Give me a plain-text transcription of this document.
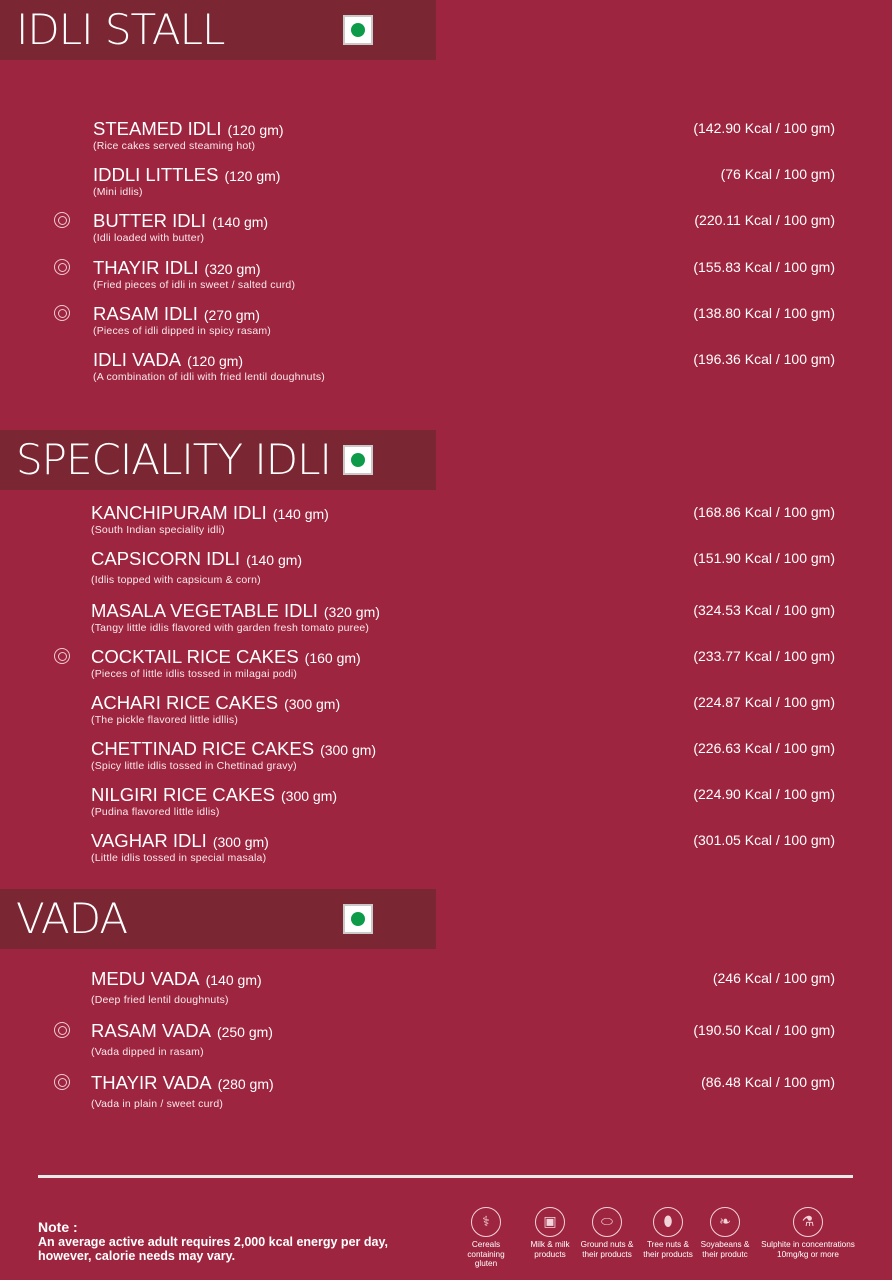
IDLI STALL
STEAMED IDLI (120 gm)
(Rice cakes served steaming hot)
(142.90 Kcal / 100 gm)
IDDLI LITTLES (120 gm)
(Mini idlis)
(76 Kcal / 100 gm)
BUTTER IDLI (140 gm)
(Idli loaded with butter)
(220.11 Kcal / 100 gm)
THAYIR IDLI (320 gm)
(Fried pieces of idli in sweet / salted curd)
(155.83 Kcal / 100 gm)
RASAM IDLI (270 gm)
(Pieces of idli dipped in spicy rasam)
(138.80 Kcal / 100 gm)
IDLI VADA (120 gm)
(A combination of idli with fried lentil doughnuts)
(196.36 Kcal / 100 gm)
SPECIALITY IDLI
KANCHIPURAM IDLI (140 gm)
(South Indian speciality idli)
(168.86 Kcal / 100 gm)
CAPSICORN IDLI (140 gm)
(Idlis topped with capsicum & corn)
(151.90 Kcal / 100 gm)
MASALA VEGETABLE IDLI (320 gm)
(Tangy little idlis flavored with garden fresh tomato puree)
(324.53 Kcal / 100 gm)
COCKTAIL RICE CAKES (160 gm)
(Pieces of little idlis tossed in milagai podi)
(233.77 Kcal / 100 gm)
ACHARI RICE CAKES (300 gm)
(The pickle flavored little idllis)
(224.87 Kcal / 100 gm)
CHETTINAD RICE CAKES (300 gm)
(Spicy little idlis tossed in Chettinad gravy)
(226.63 Kcal / 100 gm)
NILGIRI RICE CAKES (300 gm)
(Pudina flavored little idlis)
(224.90 Kcal / 100 gm)
VAGHAR IDLI (300 gm)
(Little idlis tossed in special masala)
(301.05 Kcal / 100 gm)
VADA
MEDU VADA (140 gm)
(Deep fried lentil doughnuts)
(246 Kcal / 100 gm)
RASAM VADA (250 gm)
(Vada dipped in rasam)
(190.50 Kcal / 100 gm)
THAYIR VADA (280 gm)
(Vada in plain / sweet curd)
(86.48 Kcal / 100 gm)
Note :
An average active adult requires 2,000 kcal energy per day, however, calorie needs may vary.
⚕
Cereals containing gluten
▣
Milk & milk products
⬭
Ground nuts & their products
⬮
Tree nuts & their products
❧
Soyabeans & their produtc
⚗
Sulphite in concentrations 10mg/kg or more
